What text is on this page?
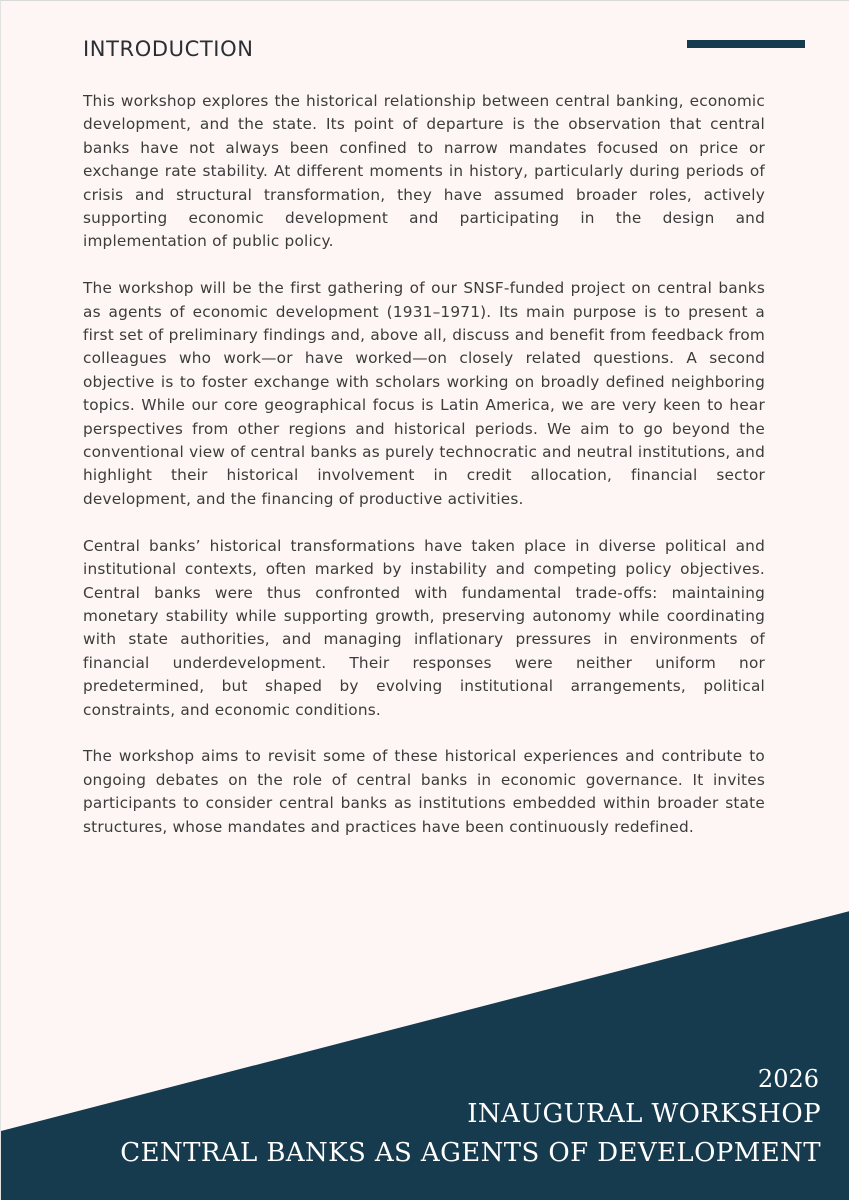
INTRODUCTION

This workshop explores the historical relationship between central banking, economic development, and the state. Its point of departure is the observation that central banks have not always been confined to narrow mandates focused on price or exchange rate stability. At different moments in history, particularly during periods of crisis and structural transformation, they have assumed broader roles, actively supporting economic development and participating in the design and implementation of public policy.

The workshop will be the first gathering of our SNSF-funded project on central banks as agents of economic development (1931–1971). Its main purpose is to present a first set of preliminary findings and, above all, discuss and benefit from feedback from colleagues who work—or have worked—on closely related questions. A second objective is to foster exchange with scholars working on broadly defined neighboring topics. While our core geographical focus is Latin America, we are very keen to hear perspectives from other regions and historical periods. We aim to go beyond the conventional view of central banks as purely technocratic and neutral institutions, and highlight their historical involvement in credit allocation, financial sector development, and the financing of productive activities.

Central banks’ historical transformations have taken place in diverse political and institutional contexts, often marked by instability and competing policy objectives. Central banks were thus confronted with fundamental trade-offs: maintaining monetary stability while supporting growth, preserving autonomy while coordinating with state authorities, and managing inflationary pressures in environments of financial underdevelopment. Their responses were neither uniform nor predetermined, but shaped by evolving institutional arrangements, political constraints, and economic conditions.

The workshop aims to revisit some of these historical experiences and contribute to ongoing debates on the role of central banks in economic governance. It invites participants to consider central banks as institutions embedded within broader state structures, whose mandates and practices have been continuously redefined.

2026
INAUGURAL WORKSHOP
CENTRAL BANKS AS AGENTS OF DEVELOPMENT
